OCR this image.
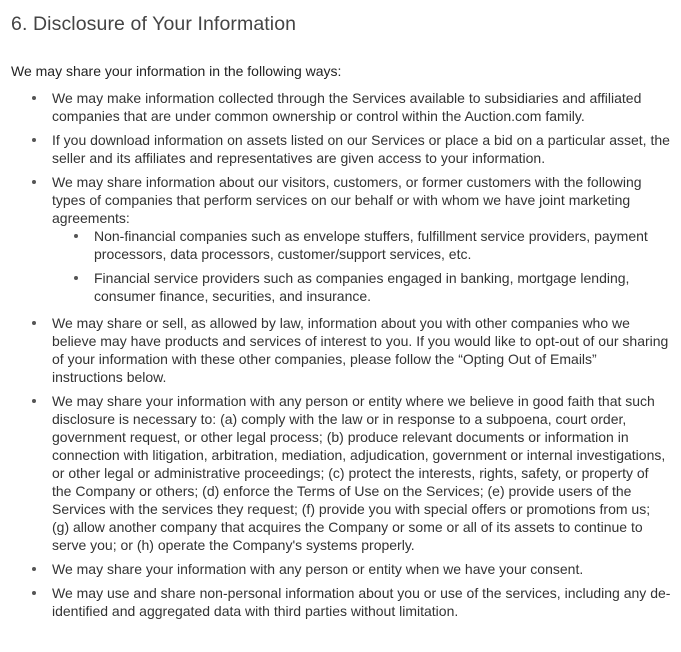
6. Disclosure of Your Information

We may share your information in the following ways:

We may make information collected through the Services available to subsidiaries and affiliated companies that are under common ownership or control within the Auction.com family.
If you download information on assets listed on our Services or place a bid on a particular asset, the seller and its affiliates and representatives are given access to your information.
We may share information about our visitors, customers, or former customers with the following types of companies that perform services on our behalf or with whom we have joint marketing agreements:
Non-financial companies such as envelope stuffers, fulfillment service providers, payment processors, data processors, customer/support services, etc.
Financial service providers such as companies engaged in banking, mortgage lending, consumer finance, securities, and insurance.
We may share or sell, as allowed by law, information about you with other companies who we believe may have products and services of interest to you. If you would like to opt-out of our sharing of your information with these other companies, please follow the “Opting Out of Emails” instructions below.
We may share your information with any person or entity where we believe in good faith that such disclosure is necessary to: (a) comply with the law or in response to a subpoena, court order, government request, or other legal process; (b) produce relevant documents or information in connection with litigation, arbitration, mediation, adjudication, government or internal investigations, or other legal or administrative proceedings; (c) protect the interests, rights, safety, or property of the Company or others; (d) enforce the Terms of Use on the Services; (e) provide users of the Services with the services they request; (f) provide you with special offers or promotions from us; (g) allow another company that acquires the Company or some or all of its assets to continue to serve you; or (h) operate the Company's systems properly.
We may share your information with any person or entity when we have your consent.
We may use and share non-personal information about you or use of the services, including any de-identified and aggregated data with third parties without limitation.
